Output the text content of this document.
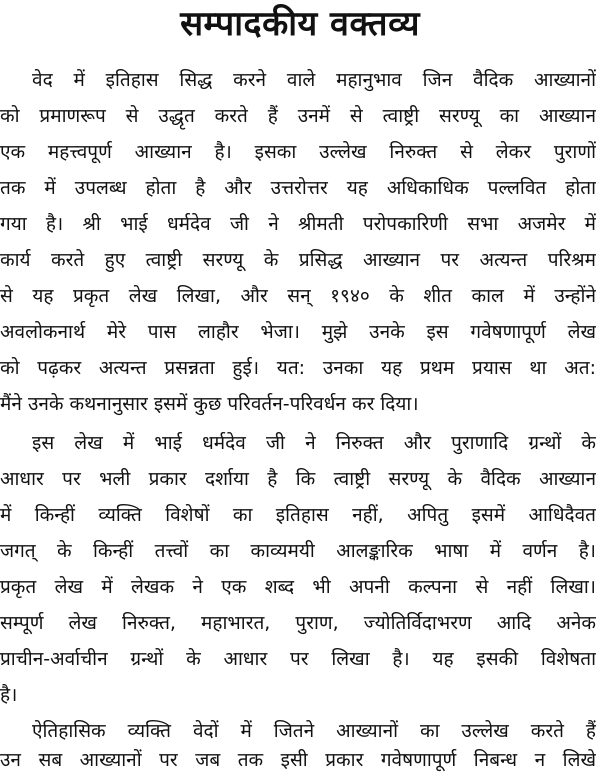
सम्पादकीय वक्तव्य
वेद में इतिहास सिद्ध करने वाले महानुभाव जिन वैदिक आख्यानों
को प्रमाणरूप से उद्धृत करते हैं उनमें से त्वाष्ट्री सरण्यू का आख्यान
एक महत्त्वपूर्ण आख्यान है। इसका उल्लेख निरुक्त से लेकर पुराणों
तक में उपलब्ध होता है और उत्तरोत्तर यह अधिकाधिक पल्लवित होता
गया है। श्री भाई धर्मदेव जी ने श्रीमती परोपकारिणी सभा अजमेर में
कार्य करते हुए त्वाष्ट्री सरण्यू के प्रसिद्ध आख्यान पर अत्यन्त परिश्रम
से यह प्रकृत लेख लिखा, और सन् १९४० के शीत काल में उन्होंने
अवलोकनार्थ मेरे पास लाहौर भेजा। मुझे उनके इस गवेषणापूर्ण लेख
को पढ़कर अत्यन्त प्रसन्नता हुई। यत: उनका यह प्रथम प्रयास था अत:
मैंने उनके कथनानुसार इसमें कुछ परिवर्तन-परिवर्धन कर दिया।
इस लेख में भाई धर्मदेव जी ने निरुक्त और पुराणादि ग्रन्थों के
आधार पर भली प्रकार दर्शाया है कि त्वाष्ट्री सरण्यू के वैदिक आख्यान
में किन्हीं व्यक्ति विशेषों का इतिहास नहीं, अपितु इसमें आधिदैवत
जगत् के किन्हीं तत्त्वों का काव्यमयी आलङ्कारिक भाषा में वर्णन है।
प्रकृत लेख में लेखक ने एक शब्द भी अपनी कल्पना से नहीं लिखा।
सम्पूर्ण लेख निरुक्त, महाभारत, पुराण, ज्योतिर्विदाभरण आदि अनेक
प्राचीन-अर्वाचीन ग्रन्थों के आधार पर लिखा है। यह इसकी विशेषता
है।
ऐतिहासिक व्यक्ति वेदों में जितने आख्यानों का उल्लेख करते हैं
उन सब आख्यानों पर जब तक इसी प्रकार गवेषणापूर्ण निबन्ध न लिखे
